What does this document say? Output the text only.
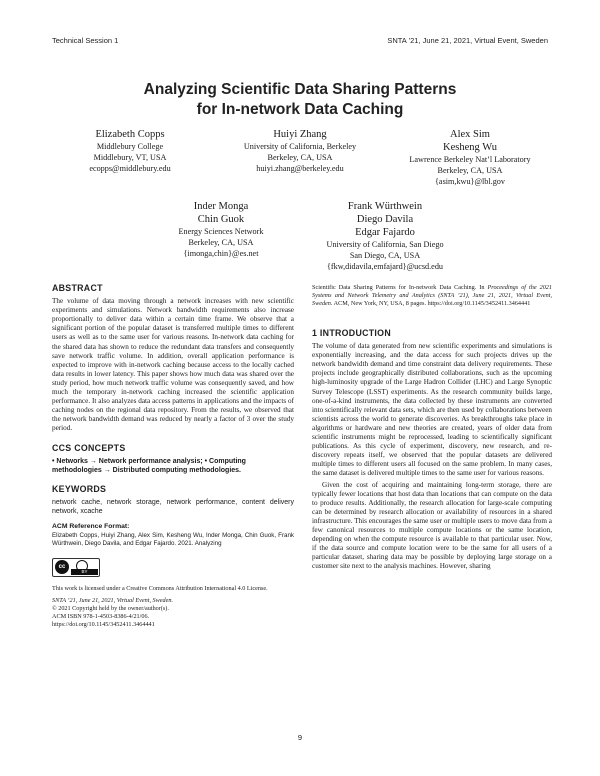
Technical Session 1	SNTA ’21, June 21, 2021, Virtual Event, Sweden
Analyzing Scientific Data Sharing Patterns
for In-network Data Caching
Elizabeth Copps
Middlebury College
Middlebury, VT, USA
ecopps@middlebury.edu
Huiyi Zhang
University of California, Berkeley
Berkeley, CA, USA
huiyi.zhang@berkeley.edu
Alex Sim
Kesheng Wu
Lawrence Berkeley Nat’l Laboratory
Berkeley, CA, USA
{asim,kwu}@lbl.gov
Inder Monga
Chin Guok
Energy Sciences Network
Berkeley, CA, USA
{imonga,chin}@es.net
Frank Würthwein
Diego Davila
Edgar Fajardo
University of California, San Diego
San Diego, CA, USA
{fkw,didavila,emfajard}@ucsd.edu
ABSTRACT

The volume of data moving through a network increases with new scientific experiments and simulations. Network bandwidth requirements also increase proportionally to deliver data within a certain time frame. We observe that a significant portion of the popular dataset is transferred multiple times to different users as well as to the same user for various reasons. In-network data caching for the shared data has shown to reduce the redundant data transfers and consequently save network traffic volume. In addition, overall application performance is expected to improve with in-network caching because access to the locally cached data results in lower latency. This paper shows how much data was shared over the study period, how much network traffic volume was consequently saved, and how much the temporary in-network caching increased the scientific application performance. It also analyzes data access patterns in applications and the impacts of caching nodes on the regional data repository. From the results, we observed that the network bandwidth demand was reduced by nearly a factor of 3 over the study period.

CCS CONCEPTS

• Networks → Network performance analysis; • Computing methodologies → Distributed computing methodologies.

KEYWORDS

network cache, network storage, network performance, content delivery network, xcache

ACM Reference Format:

Elizabeth Copps, Huiyi Zhang, Alex Sim, Kesheng Wu, Inder Monga, Chin Guok, Frank Würthwein, Diego Davila, and Edgar Fajardo. 2021. Analyzing

cc
BY

This work is licensed under a Creative Commons Attribution International 4.0 License.

SNTA ’21, June 21, 2021, Virtual Event, Sweden.
© 2021 Copyright held by the owner/author(s).
ACM ISBN 978-1-4503-8386-4/21/06.
https://doi.org/10.1145/3452411.3464441

Scientific Data Sharing Patterns for In-network Data Caching. In Proceedings of the 2021 Systems and Network Telemetry and Analytics (SNTA ’21), June 21, 2021, Virtual Event, Sweden. ACM, New York, NY, USA, 8 pages. https://doi.org/10.1145/3452411.3464441

1 INTRODUCTION

The volume of data generated from new scientific experiments and simulations is exponentially increasing, and the data access for such projects drives up the network bandwidth demand and time constraint data delivery requirements. These projects include geographically distributed collaborations, such as the upcoming high-luminosity upgrade of the Large Hadron Collider (LHC) and Large Synoptic Survey Telescope (LSST) experiments. As the research community builds large, one-of-a-kind instruments, the data collected by these instruments are converted into scientifically relevant data sets, which are then used by collaborations between scientists across the world to generate discoveries. As breakthroughs take place in algorithms or hardware and new theories are created, years of older data from scientific instruments might be reprocessed, leading to scientifically significant publications. As this cycle of experiment, discovery, new research, and re-discovery repeats itself, we observed that the popular datasets are delivered multiple times to different users all focused on the same problem. In many cases, the same dataset is delivered multiple times to the same user for various reasons.

Given the cost of acquiring and maintaining long-term storage, there are typically fewer locations that host data than locations that can compute on the data to produce results. Additionally, the research allocation for large-scale computing can be determined by research allocation or availability of resources in a shared infrastructure. This encourages the same user or multiple users to move data from a few canonical resources to multiple compute locations or the same location, depending on when the compute resource is available to that particular user. Now, if the data source and compute location were to be the same for all users of a particular dataset, sharing data may be possible by deploying large storage on a customer site next to the analysis machines. However, sharing

9
